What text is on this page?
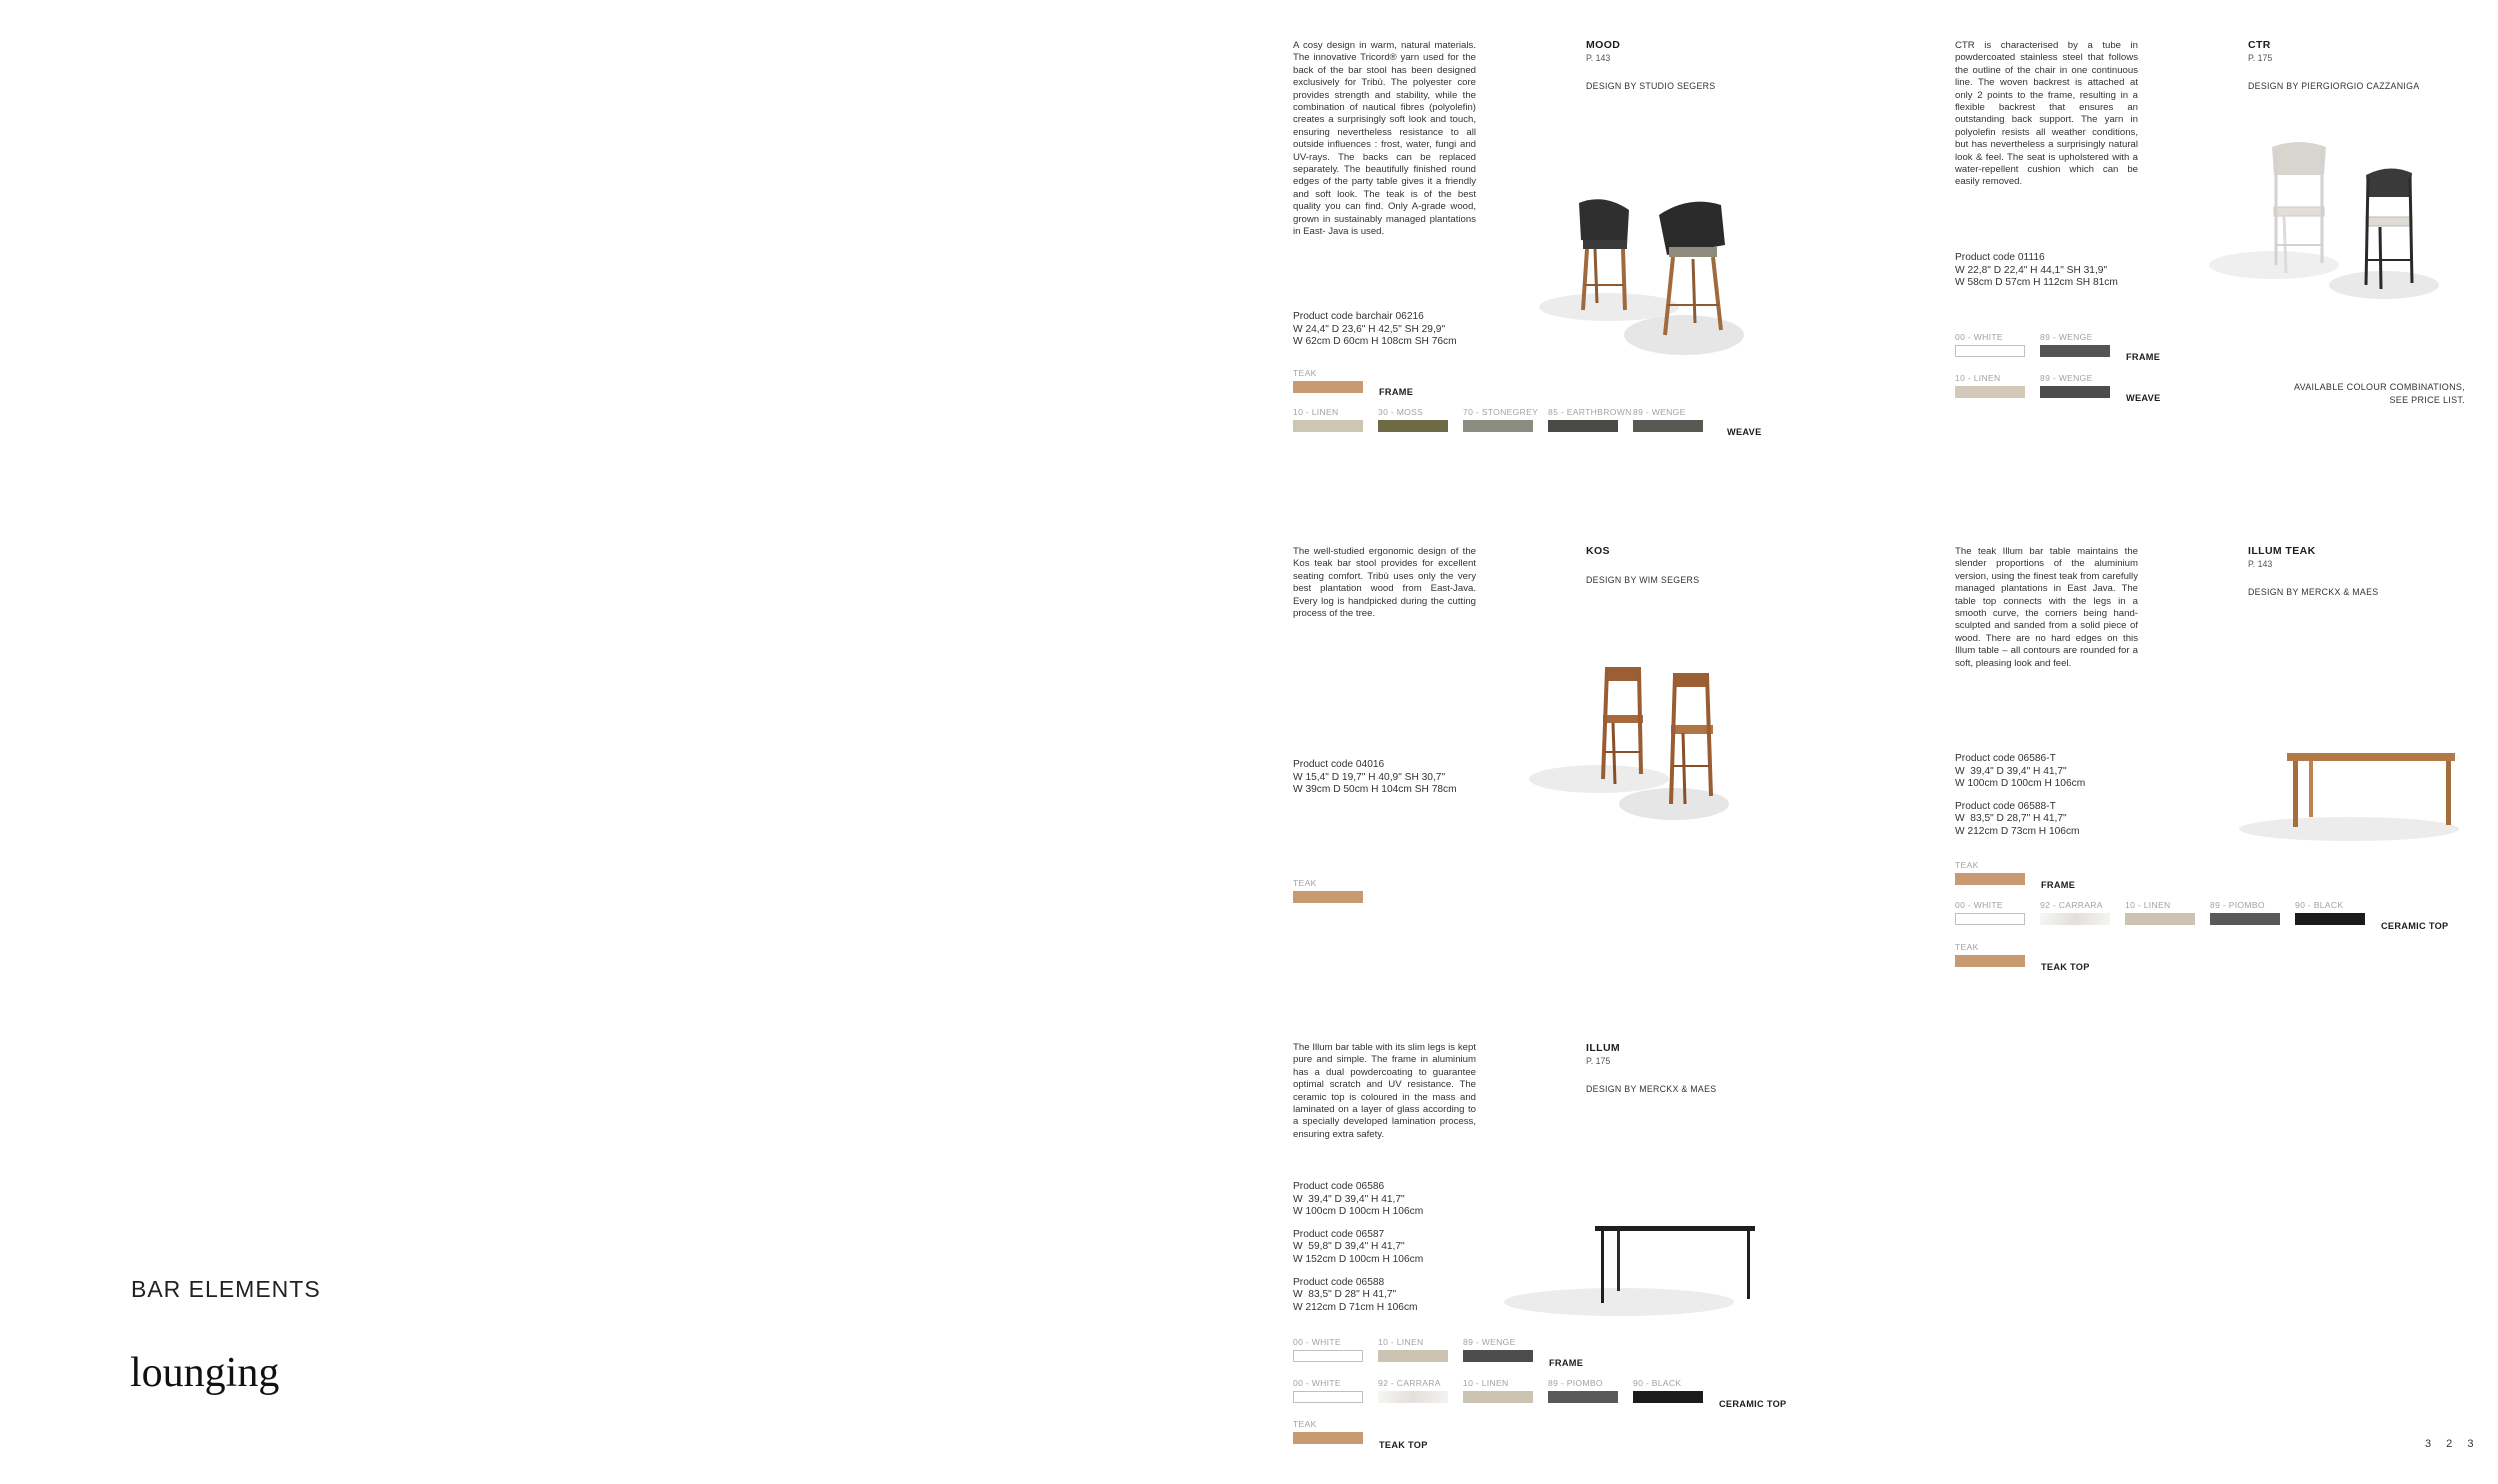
BAR ELEMENTS
lounging
A cosy design in warm, natural materials. The innovative Tricord® yarn used for the back of the bar stool has been designed exclusively for Tribù. The polyester core provides strength and stability, while the combination of nautical fibres (polyolefin) creates a surprisingly soft look and touch, ensuring nevertheless resistance to all outside influences : frost, water, fungi and UV-rays. The backs can be replaced separately. The beautifully finished round edges of the party table gives it a friendly and soft look. The teak is of the best quality you can find. Only A-grade wood, grown in sustainably managed plantations in East- Java is used.
MOOD
P. 143
DESIGN BY STUDIO SEGERS
Product code barchair 06216
W 24,4" D 23,6" H 42,5" SH 29,9"
W 62cm D 60cm H 108cm SH 76cm
TEAK
FRAME
10 - LINEN	30 - MOSS	70 - STONEGREY 85 - EARTHBROWN 89 - WENGE
WEAVE
CTR is characterised by a tube in powdercoated stainless steel that follows the outline of the chair in one continuous line. The woven backrest is attached at only 2 points to the frame, resulting in a flexible backrest that ensures an outstanding back support. The yarn in polyolefin resists all weather conditions, but has nevertheless a surprisingly natural look & feel. The seat is upholstered with a water-repellent cushion which can be easily removed.
CTR
P. 175
DESIGN BY PIERGIORGIO CAZZANIGA
Product code 01116
W 22,8" D 22,4" H 44,1" SH 31,9"
W 58cm D 57cm H 112cm SH 81cm
00 - WHITE	89 - WENGE
FRAME
10 - LINEN	89 - WENGE
WEAVE
AVAILABLE COLOUR COMBINATIONS,
SEE PRICE LIST.
The well-studied ergonomic design of the Kos teak bar stool provides for excellent seating comfort. Tribù uses only the very best plantation wood from East-Java. Every log is handpicked during the cutting process of the tree.
KOS
DESIGN BY WIM SEGERS
Product code 04016
W 15,4" D 19,7" H 40,9" SH 30,7"
W 39cm D 50cm H 104cm SH 78cm
TEAK
The teak Illum bar table maintains the slender proportions of the aluminium version, using the finest teak from carefully managed plantations in East Java. The table top connects with the legs in a smooth curve, the corners being hand-sculpted and sanded from a solid piece of wood. There are no hard edges on this Illum table – all contours are rounded for a soft, pleasing look and feel.
ILLUM TEAK
P. 143
DESIGN BY MERCKX & MAES
Product code 06586-T
W  39,4" D 39,4" H 41,7"
W 100cm D 100cm H 106cm
Product code 06588-T
W  83,5" D 28,7" H 41,7"
W 212cm D 73cm H 106cm
TEAK
FRAME
00 - WHITE	92 - CARRARA	10 - LINEN	89 - PIOMBO	90 - BLACK
CERAMIC TOP
TEAK
TEAK TOP
The Illum bar table with its slim legs is kept pure and simple. The frame in aluminium has a dual powdercoating to guarantee optimal scratch and UV resistance. The ceramic top is coloured in the mass and laminated on a layer of glass according to a specially developed lamination process, ensuring extra safety.
ILLUM
P. 175
DESIGN BY MERCKX & MAES
Product code 06586
W  39,4" D 39,4" H 41,7"
W 100cm D 100cm H 106cm
Product code 06587
W  59,8" D 39,4" H 41,7"
W 152cm D 100cm H 106cm
Product code 06588
W  83,5" D 28" H 41,7"
W 212cm D 71cm H 106cm
00 - WHITE	10 - LINEN	89 - WENGE
FRAME
00 - WHITE	92 - CARRARA	10 - LINEN	89 - PIOMBO	90 - BLACK
CERAMIC TOP
TEAK
TEAK TOP	3 2 3
